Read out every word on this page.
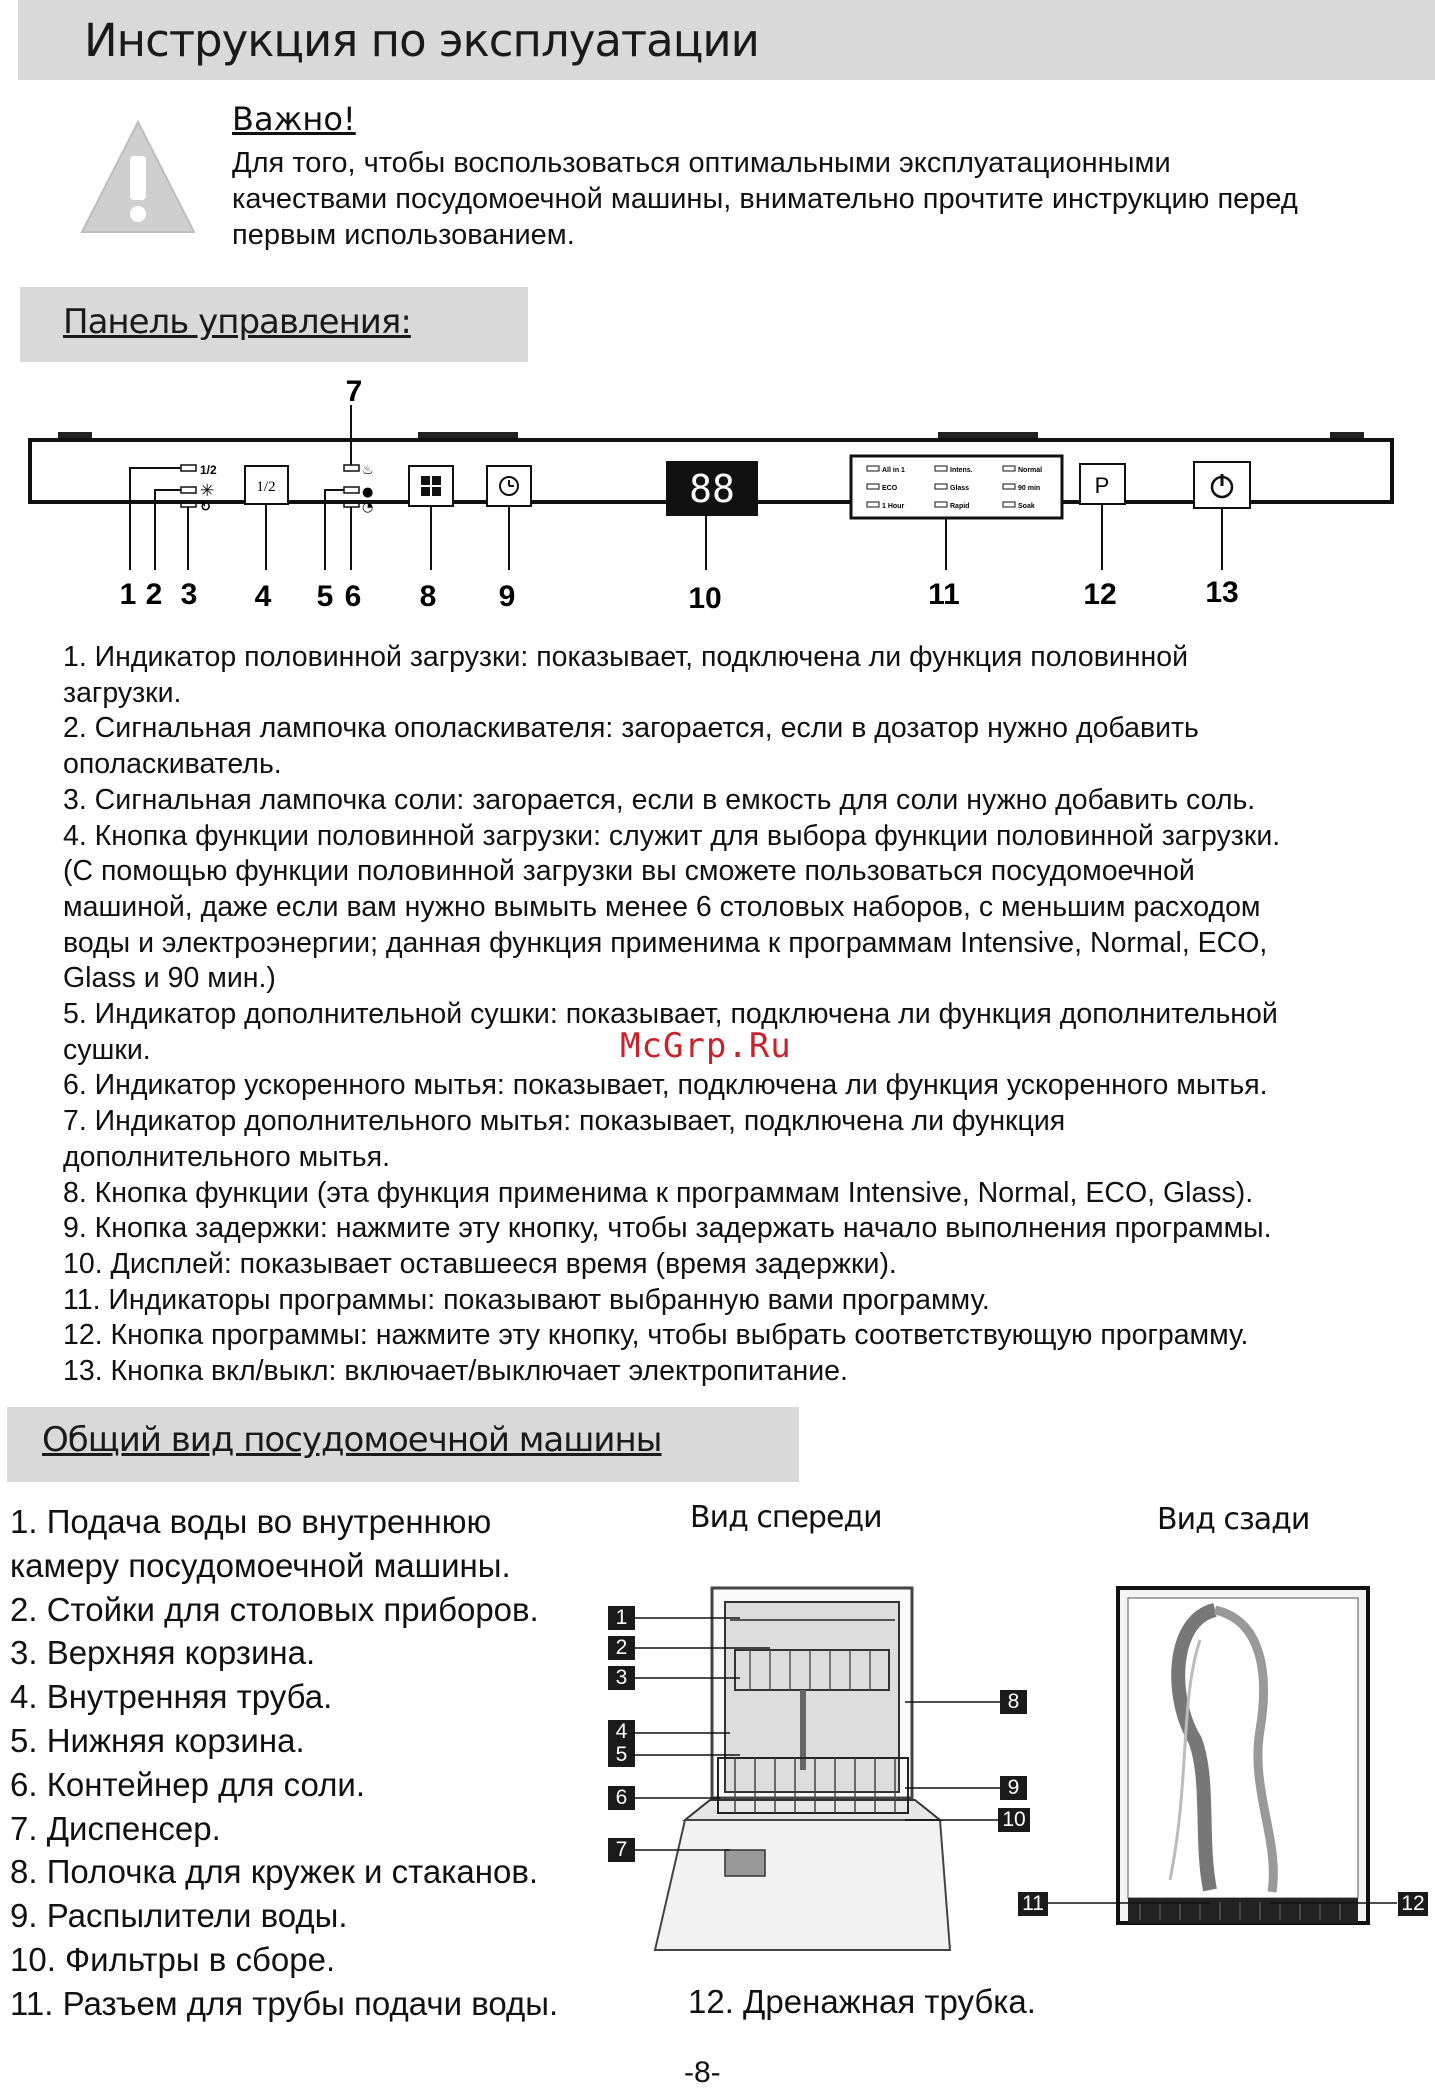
Инструкция по эксплуатации
Важно!
Для того, чтобы воспользоваться оптимальными эксплуатационными
качествами посудомоечной машины, внимательно прочтите инструкцию перед
первым использованием.
Панель управления:
1/2
✳
↻
1/2
♨
●
◔	88	All in 1	Intens.	Normal
ECO	Glass	90 min
1 Hour	Rapid	Soak
P
1 2 3 4 5 6
7
8 9	10	11	12	13
1. Индикатор половинной загрузки: показывает, подключена ли функция половинной
загрузки.
2. Сигнальная лампочка ополаскивателя: загорается, если в дозатор нужно добавить
ополаскиватель.
3. Сигнальная лампочка соли: загорается, если в емкость для соли нужно добавить соль.
4. Кнопка функции половинной загрузки: служит для выбора функции половинной загрузки.
(С помощью функции половинной загрузки вы сможете пользоваться посудомоечной
машиной, даже если вам нужно вымыть менее 6 столовых наборов, с меньшим расходом
воды и электроэнергии; данная функция применима к программам Intensive, Normal, ECO,
Glass и 90 мин.)
5. Индикатор дополнительной сушки: показывает, подключена ли функция дополнительной
сушки.
6. Индикатор ускоренного мытья: показывает, подключена ли функция ускоренного мытья.
7. Индикатор дополнительного мытья: показывает, подключена ли функция
дополнительного мытья.
8. Кнопка функции (эта функция применима к программам Intensive, Normal, ECO, Glass).
9. Кнопка задержки: нажмите эту кнопку, чтобы задержать начало выполнения программы.
10. Дисплей: показывает оставшееся время (время задержки).
11. Индикаторы программы: показывают выбранную вами программу.
12. Кнопка программы: нажмите эту кнопку, чтобы выбрать соответствующую программу.
13. Кнопка вкл/выкл: включает/выключает электропитание.
McGrp.Ru
Общий вид посудомоечной машины
1. Подача воды во внутреннюю
камеру посудомоечной машины.
2. Стойки для столовых приборов.
3. Верхняя корзина.
4. Внутренняя труба.
5. Нижняя корзина.
6. Контейнер для соли.
7. Диспенсер.
8. Полочка для кружек и стаканов.
9. Распылители воды.
10. Фильтры в сборе.
11. Разъем для трубы подачи воды.	12. Дренажная трубка.
Вид спереди	Вид сзади
1
2
3
4
5
6
7
8
9
10
11	12
-8-
